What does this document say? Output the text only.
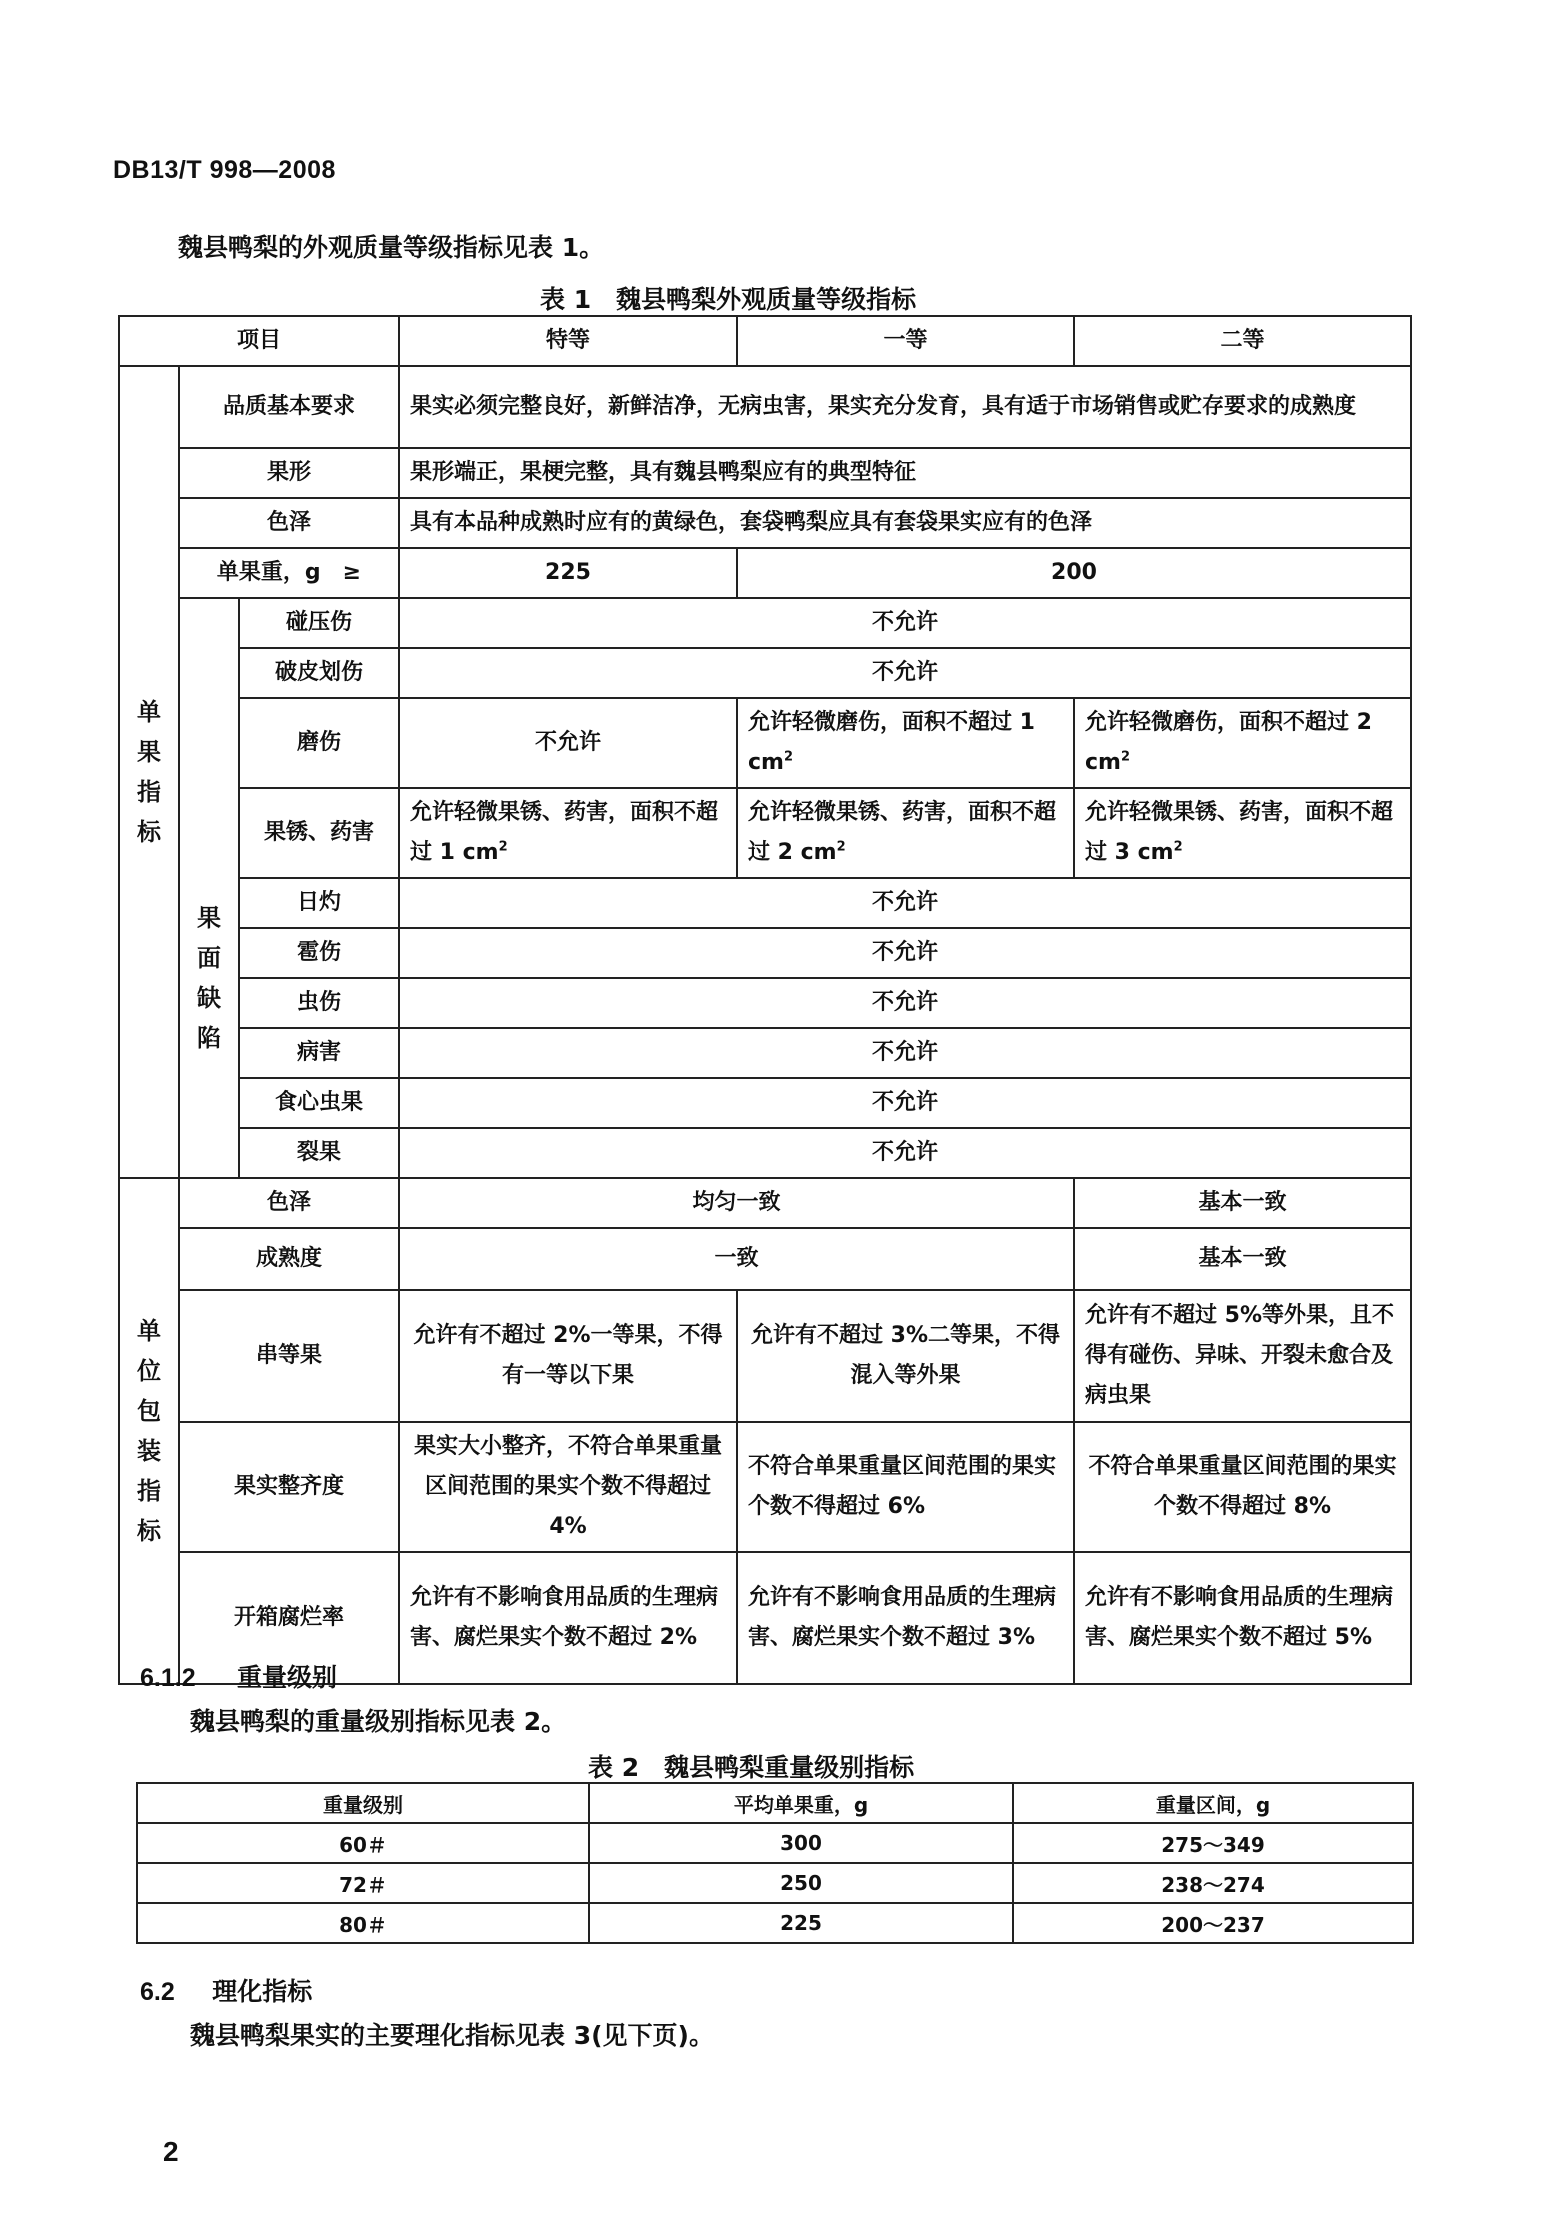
DB13/T 998—2008
魏县鸭梨的外观质量等级指标见表 1。
表 1　魏县鸭梨外观质量等级指标
项目			特等	一等	二等

单果指标	品质基本要求		果实必须完整良好，新鲜洁净，无病虫害，果实充分发育，具有适于市场销售或贮存要求的成熟度		
	果形		果形端正，果梗完整，具有魏县鸭梨应有的典型特征		
	色泽		具有本品种成熟时应有的黄绿色，套袋鸭梨应具有套袋果实应有的色泽		
	单果重，g　≥		225	200	

	果面缺陷	碰压伤	不允许		
		破皮划伤	不允许		
		磨伤	不允许	允许轻微磨伤，面积不超过 1 $cm^2$	允许轻微磨伤，面积不超过 2 $cm^2$
		果锈、药害	允许轻微果锈、药害，面积不超过 1 $cm^2$	允许轻微果锈、药害，面积不超过 2 $cm^2$	允许轻微果锈、药害，面积不超过 3 $cm^2$
		日灼	不允许		
		雹伤	不允许		
		虫伤	不允许		
		病害	不允许		
		食心虫果	不允许		
		裂果	不允许		

单位包装指标	色泽		均匀一致		基本一致
	成熟度		一致		基本一致
	串等果		允许有不超过 2%一等果，不得有一等以下果	允许有不超过 3%二等果，不得混入等外果	允许有不超过 5%等外果，且不得有碰伤、异味、开裂未愈合及病虫果
	果实整齐度		果实大小整齐，不符合单果重量区间范围的果实个数不得超过 4%	不符合单果重量区间范围的果实个数不得超过 6%	不符合单果重量区间范围的果实个数不得超过 8%
	开箱腐烂率		允许有不影响食用品质的生理病害、腐烂果实个数不超过 2%	允许有不影响食用品质的生理病害、腐烂果实个数不超过 3%	允许有不影响食用品质的生理病害、腐烂果实个数不超过 5%
6.1.2 重量级别
魏县鸭梨的重量级别指标见表 2。
表 2　魏县鸭梨重量级别指标
重量级别	平均单果重，g	重量区间，g
60＃	300	275～349
72＃	250	238～274
80＃	225	200～237
6.2 理化指标
魏县鸭梨果实的主要理化指标见表 3(见下页)。
2
